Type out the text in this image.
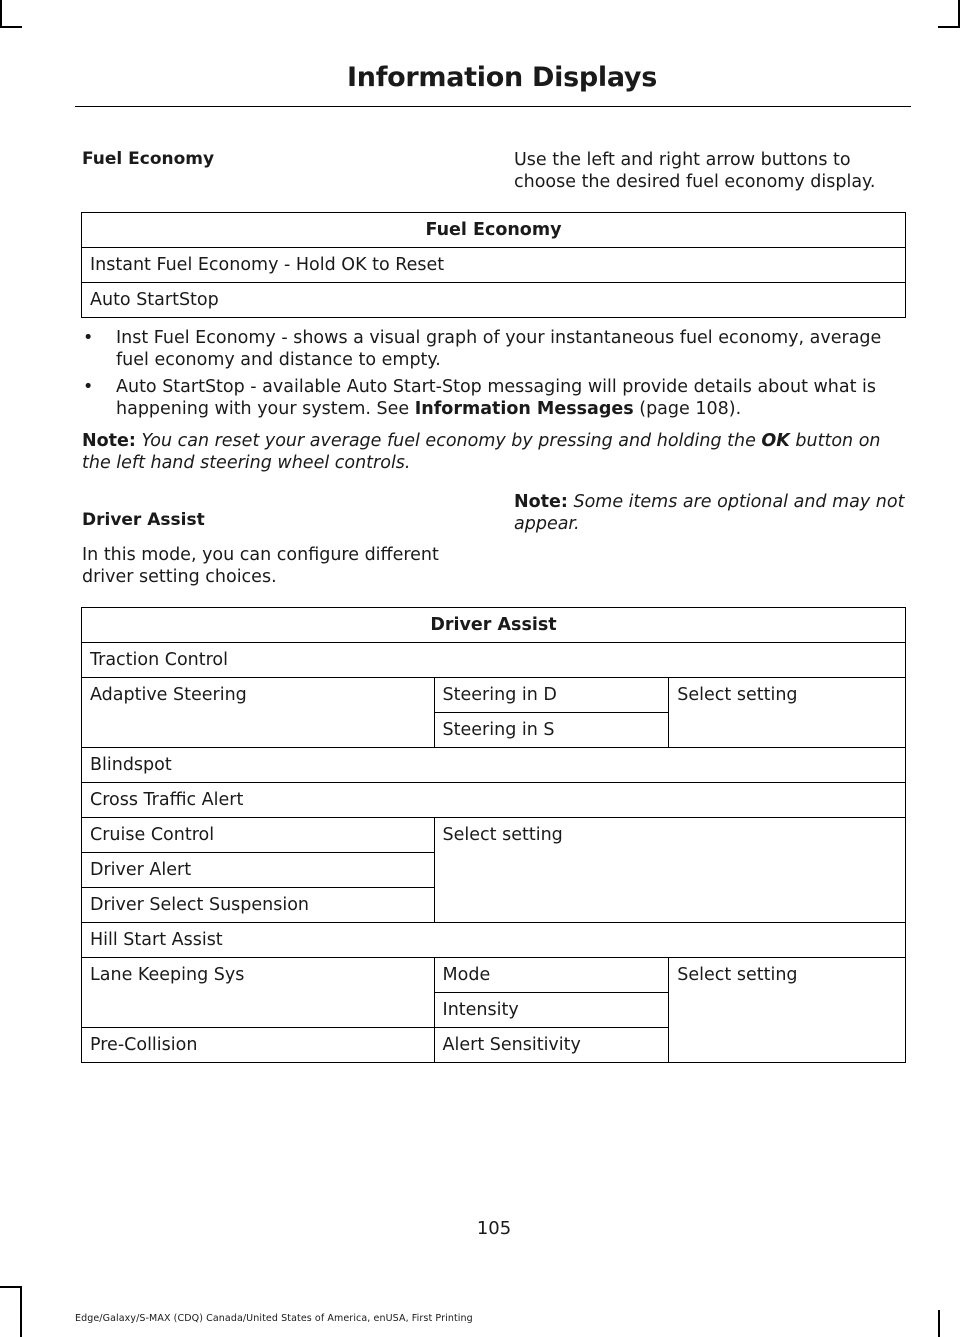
Information Displays
Fuel Economy	Use the left and right arrow buttons to choose the desired fuel economy display.
Fuel Economy
Instant Fuel Economy - Hold OK to Reset
Auto StartStop
• Inst Fuel Economy - shows a visual graph of your instantaneous fuel economy, average fuel economy and distance to empty.
• Auto StartStop - available Auto Start-Stop messaging will provide details about what is happening with your system. See Information Messages (page 108).
Note: You can reset your average fuel economy by pressing and holding the OK button on the left hand steering wheel controls.
Driver Assist
In this mode, you can configure different driver setting choices.
Note: Some items are optional and may not appear.
Driver Assist		
Traction Control		
Adaptive Steering	Steering in D	Select setting
	Steering in S	
Blindspot		
Cross Traffic Alert		
Cruise Control	Select setting	
Driver Alert		
Driver Select Suspension		
Hill Start Assist		
Lane Keeping Sys	Mode	Select setting
	Intensity	
Pre-Collision	Alert Sensitivity	
105
Edge/Galaxy/S-MAX (CDQ) Canada/United States of America, enUSA, First Printing
